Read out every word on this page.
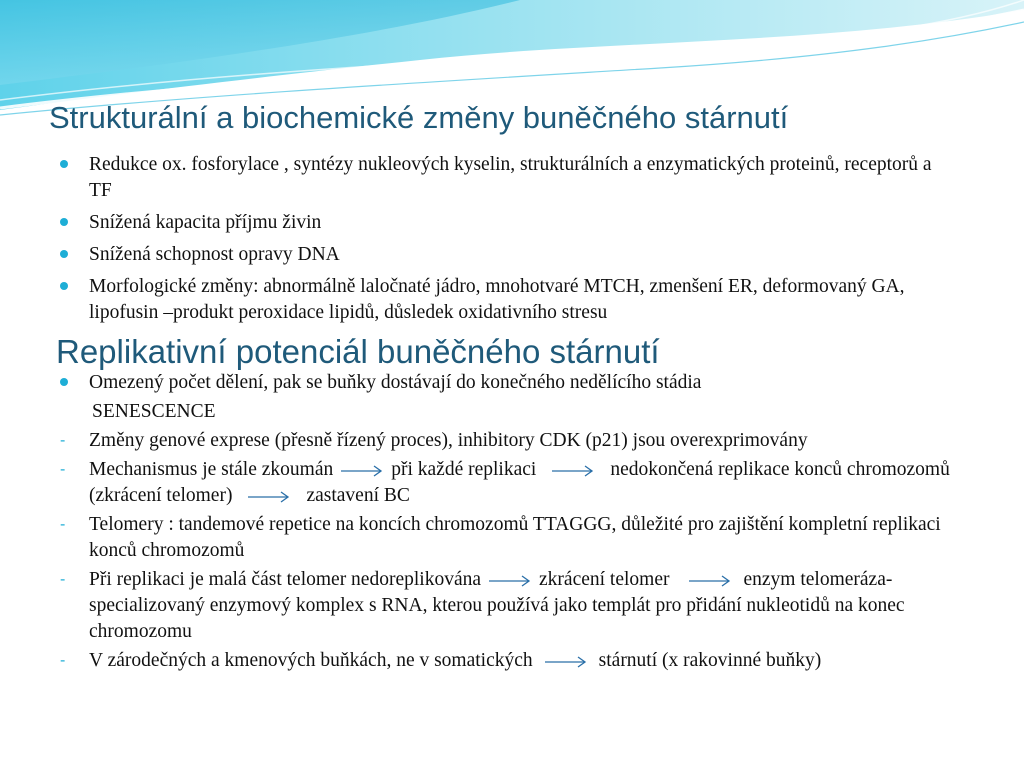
Strukturální a biochemické změny buněčného stárnutí
Redukce ox. fosforylace , syntézy nukleových kyselin, strukturálních a enzymatických proteinů, receptorů a TF
Snížená kapacita příjmu živin
Snížená schopnost opravy DNA
Morfologické změny: abnormálně laločnaté jádro, mnohotvaré MTCH, zmenšení ER, deformovaný GA, lipofusin –produkt peroxidace lipidů, důsledek oxidativního stresu
Replikativní potenciál buněčného stárnutí
Omezený počet dělení, pak se buňky dostávají do konečného nedělícího stádia
SENESCENCE
- Změny genové exprese (přesně řízený proces), inhibitory CDK (p21) jsou overexprimovány
- Mechanismus je stále zkoumán	při každé replikaci	nedokončená replikace konců chromozomů (zkrácení telomer)	zastavení BC
- Telomery : tandemové repetice na koncích chromozomů TTAGGG, důležité pro zajištění kompletní replikaci konců chromozomů
- Při replikaci je malá část telomer nedoreplikována	zkrácení telomer	enzym telomeráza- specializovaný enzymový komplex s RNA, kterou používá jako templát pro přidání nukleotidů na konec chromozomu
- V zárodečných a kmenových buňkách, ne v somatických	stárnutí (x rakovinné buňky)
